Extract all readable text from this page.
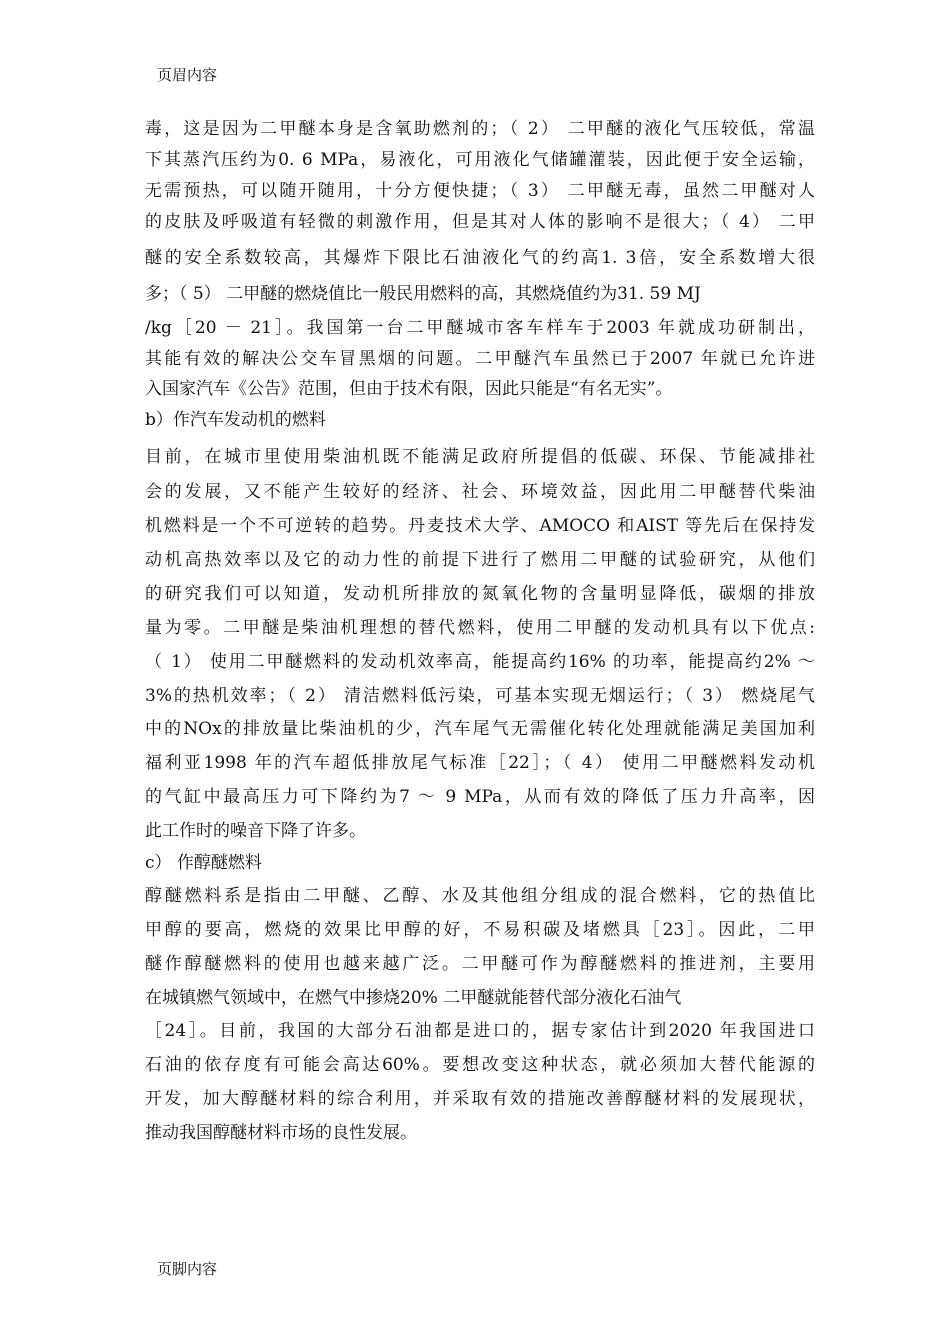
页眉内容
毒，这是因为二甲醚本身是含氧助燃剂的；（ 2） 二甲醚的液化气压较低，常温
下其蒸汽压约为0. 6 MPa，易液化，可用液化气储罐灌装，因此便于安全运输，
无需预热，可以随开随用，十分方便快捷；（ 3） 二甲醚无毒，虽然二甲醚对人
的皮肤及呼吸道有轻微的刺激作用，但是其对人体的影响不是很大；（ 4） 二甲
醚的安全系数较高，其爆炸下限比石油液化气的约高1. 3倍，安全系数增大很
多；（ 5） 二甲醚的燃烧值比一般民用燃料的高，其燃烧值约为31. 59 MJ
/kg［20 － 21］。我国第一台二甲醚城市客车样车于2003 年就成功研制出，
其能有效的解决公交车冒黑烟的问题。二甲醚汽车虽然已于2007 年就已允许进
入国家汽车《公告》范围，但由于技术有限，因此只能是“有名无实”。
b）作汽车发动机的燃料
目前，在城市里使用柴油机既不能满足政府所提倡的低碳、环保、节能减排社
会的发展，又不能产生较好的经济、社会、环境效益，因此用二甲醚替代柴油
机燃料是一个不可逆转的趋势。丹麦技术大学、AMOCO 和AIST 等先后在保持发
动机高热效率以及它的动力性的前提下进行了燃用二甲醚的试验研究，从他们
的研究我们可以知道，发动机所排放的氮氧化物的含量明显降低，碳烟的排放
量为零。二甲醚是柴油机理想的替代燃料，使用二甲醚的发动机具有以下优点:
（ 1） 使用二甲醚燃料的发动机效率高，能提高约16% 的功率，能提高约2% ～
3%的热机效率；（ 2） 清洁燃料低污染，可基本实现无烟运行；（ 3） 燃烧尾气
中的NOx的排放量比柴油机的少，汽车尾气无需催化转化处理就能满足美国加利
福利亚1998 年的汽车超低排放尾气标准［22］；（ 4） 使用二甲醚燃料发动机
的气缸中最高压力可下降约为7 ～ 9 MPa，从而有效的降低了压力升高率，因
此工作时的噪音下降了许多。
c） 作醇醚燃料
醇醚燃料系是指由二甲醚、乙醇、水及其他组分组成的混合燃料，它的热值比
甲醇的要高，燃烧的效果比甲醇的好，不易积碳及堵燃具［23］。因此，二甲
醚作醇醚燃料的使用也越来越广泛。二甲醚可作为醇醚燃料的推进剂，主要用
在城镇燃气领域中，在燃气中掺烧20% 二甲醚就能替代部分液化石油气
［24］。目前，我国的大部分石油都是进口的，据专家估计到2020 年我国进口
石油的依存度有可能会高达60%。要想改变这种状态，就必须加大替代能源的
开发，加大醇醚材料的综合利用，并采取有效的措施改善醇醚材料的发展现状，
推动我国醇醚材料市场的良性发展。
页脚内容
